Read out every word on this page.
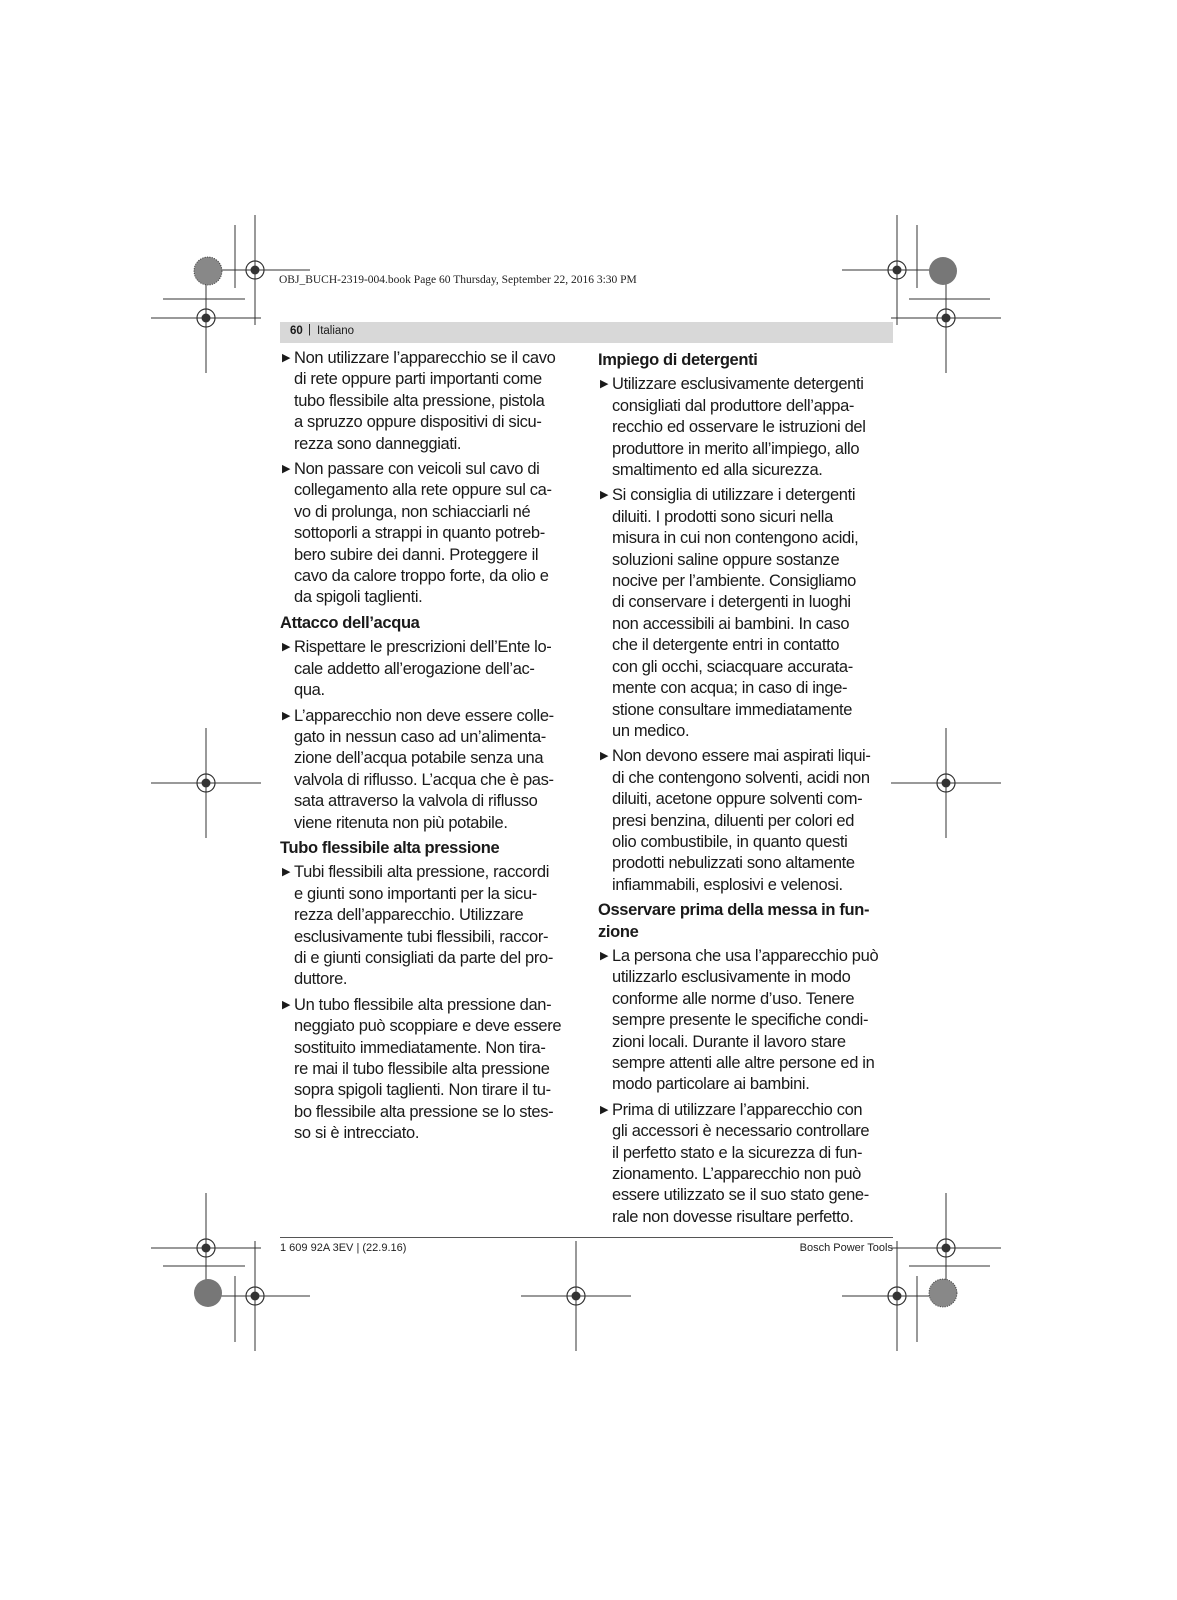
OBJ_BUCH-2319-004.book Page 60 Thursday, September 22, 2016 3:30 PM
60 | Italiano
▶ Non utilizzare l’apparecchio se il cavo
di rete oppure parti importanti come
tubo flessibile alta pressione, pistola
a spruzzo oppure dispositivi di sicu-
rezza sono danneggiati.

▶ Non passare con veicoli sul cavo di
collegamento alla rete oppure sul ca-
vo di prolunga, non schiacciarli né
sottoporli a strappi in quanto potreb-
bero subire dei danni. Proteggere il
cavo da calore troppo forte, da olio e
da spigoli taglienti.

Attacco dell’acqua
▶ Rispettare le prescrizioni dell’Ente lo-
cale addetto all’erogazione dell’ac-
qua.

▶ L’apparecchio non deve essere colle-
gato in nessun caso ad un’alimenta-
zione dell’acqua potabile senza una
valvola di riflusso. L’acqua che è pas-
sata attraverso la valvola di riflusso
viene ritenuta non più potabile.

Tubo flessibile alta pressione
▶ Tubi flessibili alta pressione, raccordi
e giunti sono importanti per la sicu-
rezza dell’apparecchio. Utilizzare
esclusivamente tubi flessibili, raccor-
di e giunti consigliati da parte del pro-
duttore.

▶ Un tubo flessibile alta pressione dan-
neggiato può scoppiare e deve essere
sostituito immediatamente. Non tira-
re mai il tubo flessibile alta pressione
sopra spigoli taglienti. Non tirare il tu-
bo flessibile alta pressione se lo stes-
so si è intrecciato.

Impiego di detergenti
▶ Utilizzare esclusivamente detergenti
consigliati dal produttore dell’appa-
recchio ed osservare le istruzioni del
produttore in merito all’impiego, allo
smaltimento ed alla sicurezza.

▶ Si consiglia di utilizzare i detergenti
diluiti. I prodotti sono sicuri nella
misura in cui non contengono acidi,
soluzioni saline oppure sostanze
nocive per l’ambiente. Consigliamo
di conservare i detergenti in luoghi
non accessibili ai bambini. In caso
che il detergente entri in contatto
con gli occhi, sciacquare accurata-
mente con acqua; in caso di inge-
stione consultare immediatamente
un medico.

▶ Non devono essere mai aspirati liqui-
di che contengono solventi, acidi non
diluiti, acetone oppure solventi com-
presi benzina, diluenti per colori ed
olio combustibile, in quanto questi
prodotti nebulizzati sono altamente
infiammabili, esplosivi e velenosi.

Osservare prima della messa in fun-
zione
▶ La persona che usa l’apparecchio può
utilizzarlo esclusivamente in modo
conforme alle norme d’uso. Tenere
sempre presente le specifiche condi-
zioni locali. Durante il lavoro stare
sempre attenti alle altre persone ed in
modo particolare ai bambini.

▶ Prima di utilizzare l’apparecchio con
gli accessori è necessario controllare
il perfetto stato e la sicurezza di fun-
zionamento. L’apparecchio non può
essere utilizzato se il suo stato gene-
rale non dovesse risultare perfetto.

1 609 92A 3EV | (22.9.16)	Bosch Power Tools
